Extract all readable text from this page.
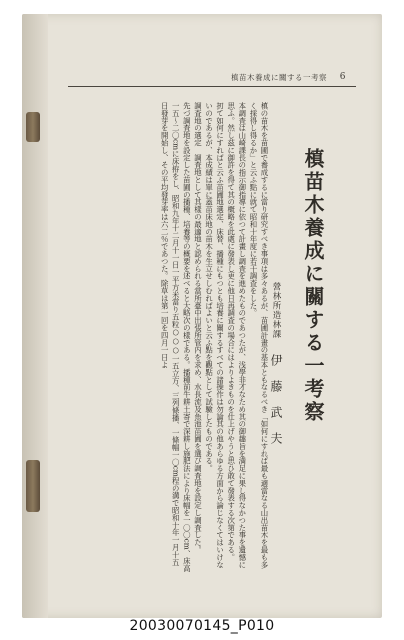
槙苗木養成に關する一考察 6
槙苗木養成に關する一考察
營林所造林課
伊藤武夫

槙の苗木を苗圃で養成するに當り研究すべき事項は多々あるが、苗圃計畫の基本ともなるべき「如何にすれば最も適當なる山出苗木を最も多く採得し得るか」と云ふ點に就て昭和十年度に若干調査をした。

本調査は山崎課長の指示御指導に依つて計畫し調査を進めたものであつたが、浅學非才なため其の御趣旨を満足に果し得なかつた事を遺憾に思ふ。然し茲に御許を得て其の概略を此處に發表し更に他日再調査の場合にはよりよきものを仕上げやうと思ひ敢て發表する次第である。

扨て如何にすればと云ふ苗圃地選定、床替、播種にもつとも培養に關するすべての諸操作は勿論其の他あらゆる方面から論じなくてはいけないのであるが、本成績は單に蓋苗床地の苗木を生立せしむればよいと云ふ點を觀點として試驗したものである。

調査地の選定　調査地として其樣の最適地と認められる當所臺中出張所管内を求め、水長流及魚池苗圃を選び調査地を設定し調査した。

先づ調査地を設定した苗圃の播種、培養等の概要を述べると大略次の樣である。播種前牛耕土寄で深耕し施肥法により床幅を一〇〇cm、床高一五～二〇cmに床拵をし、昭和九年十二月十一日一平方米當り五粒○○○一五立方、三列條播、一條幅一〇cm程の溝で昭和十年一月十五日發芽を開始し、その平均發芽率は六二％であつた。除草は第一回を四月一日よ

20030070145_P010
